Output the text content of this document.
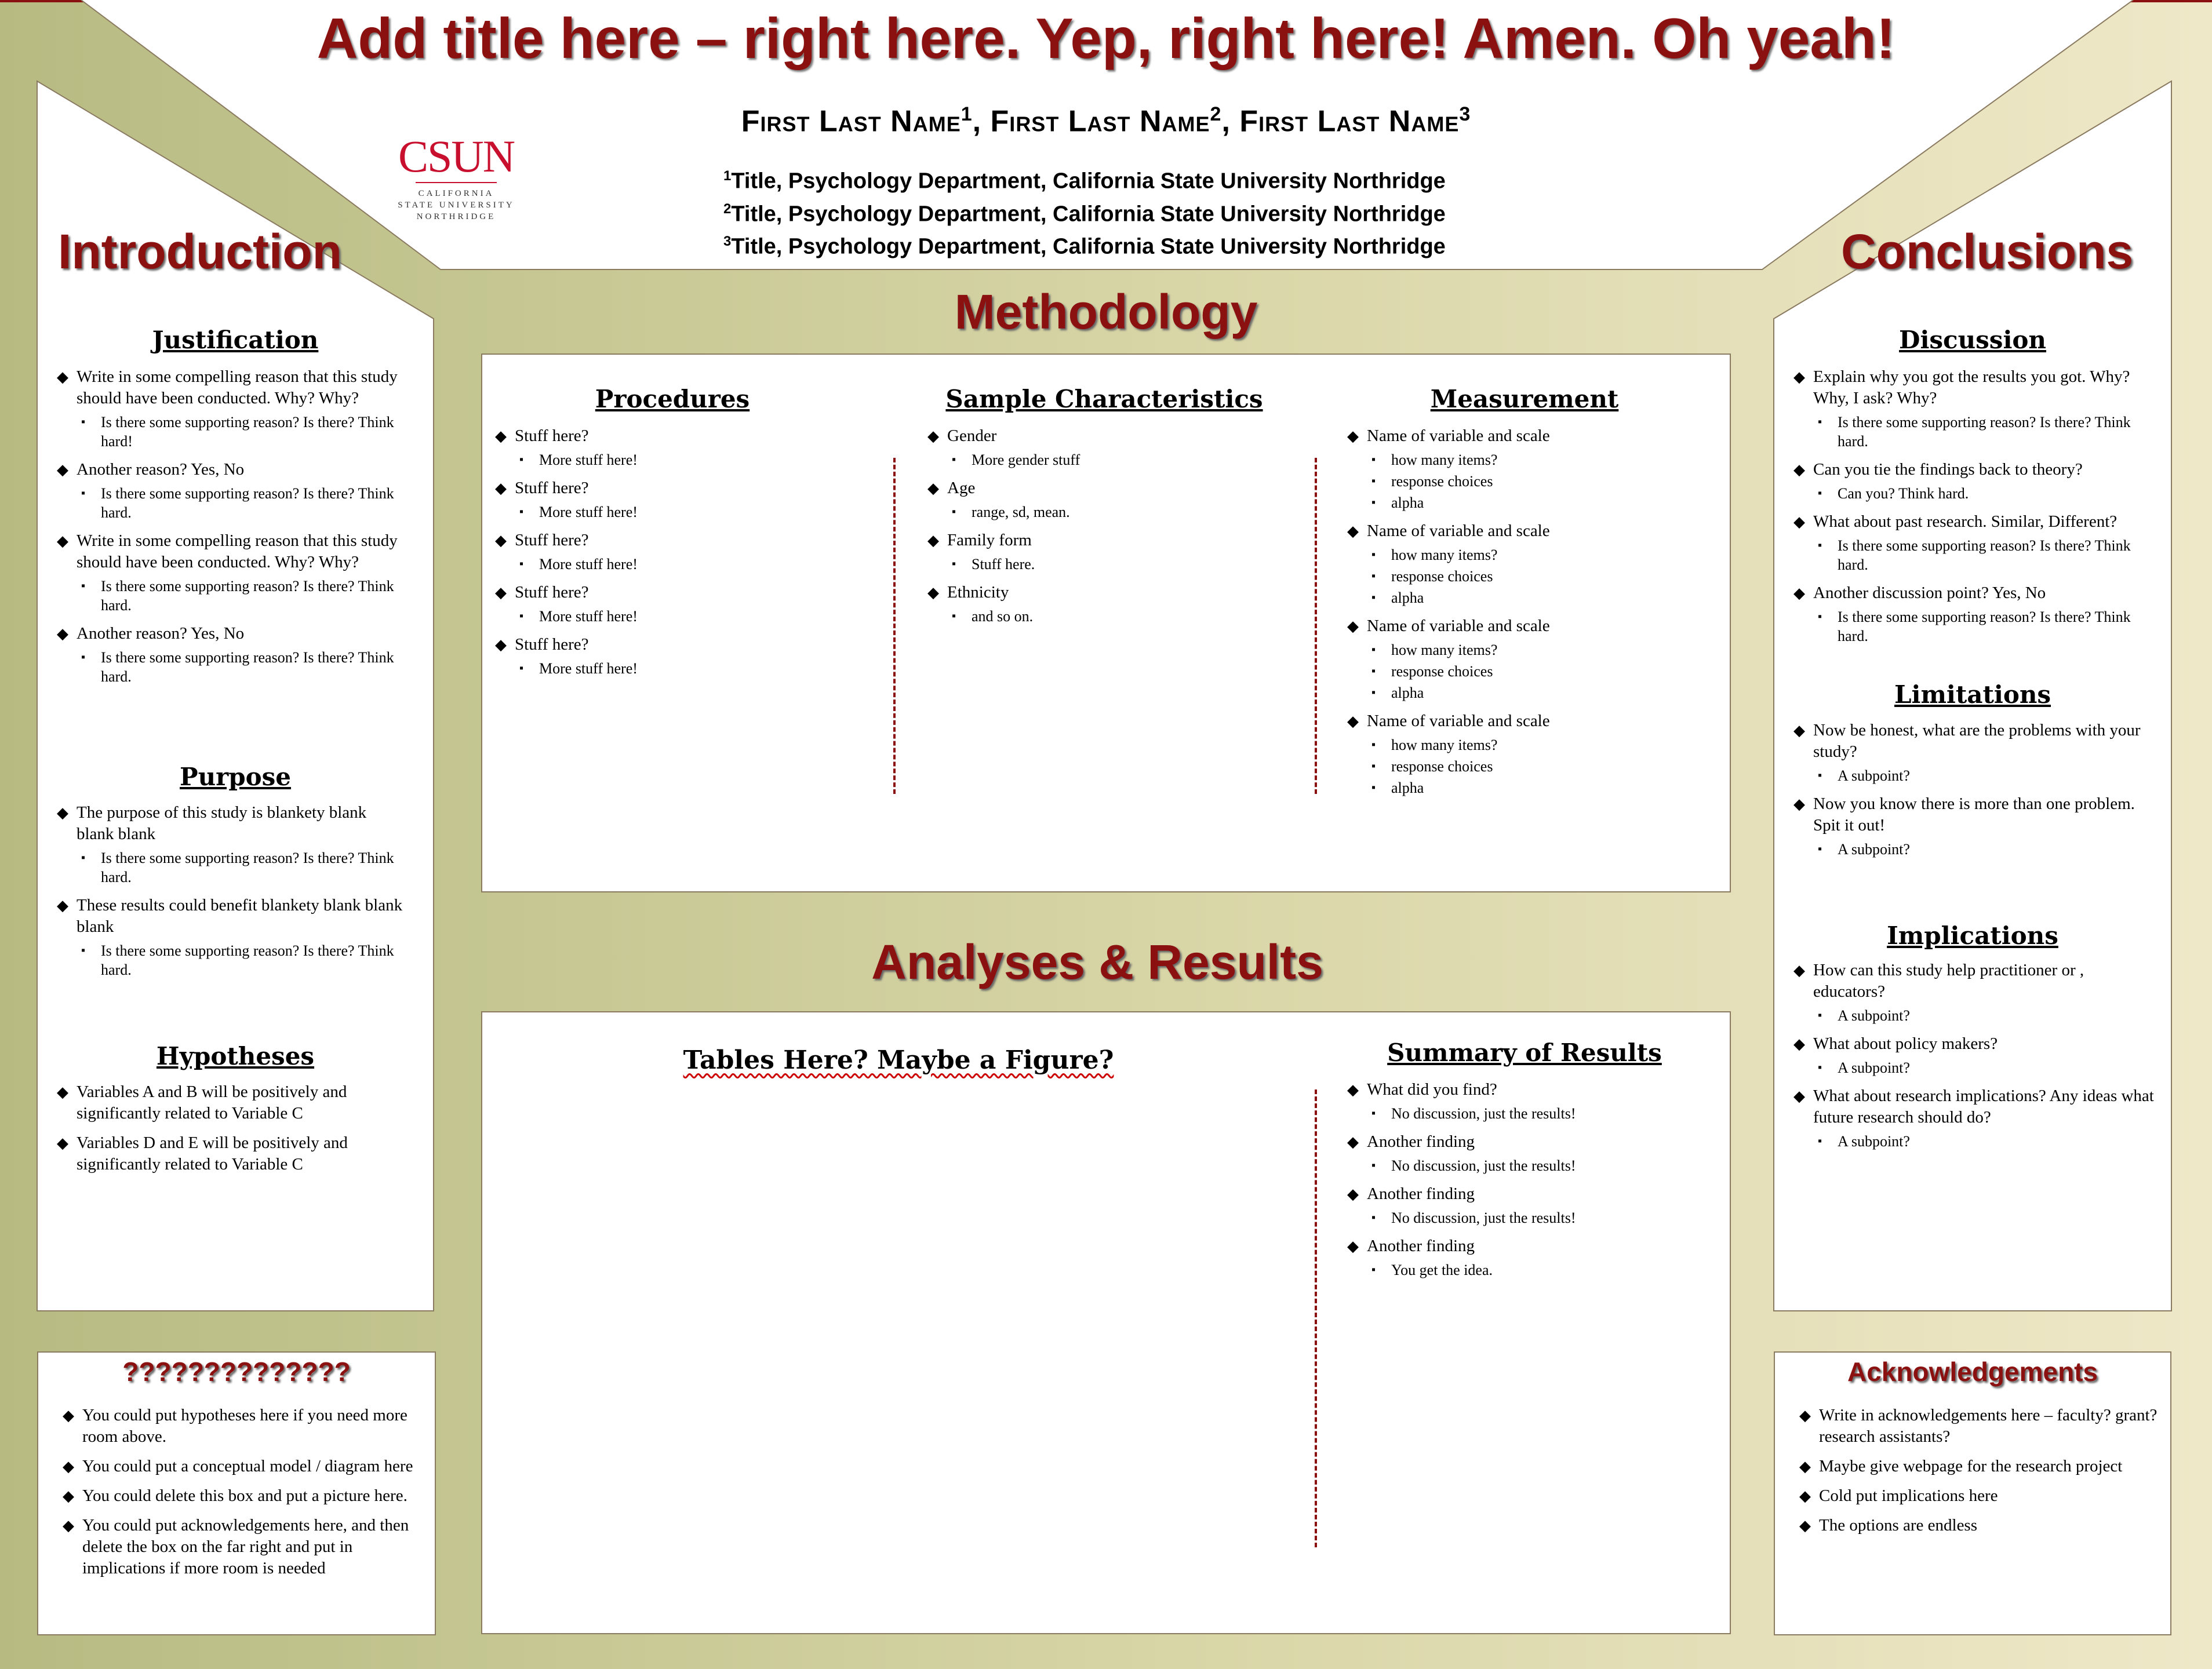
Add title here – right here. Yep, right here! Amen. Oh yeah!
First Last Name$^1$, First Last Name$^2$, First Last Name$^3$
$^1$Title, Psychology Department, California State University Northridge
$^2$Title, Psychology Department, California State University Northridge
$^3$Title, Psychology Department, California State University Northridge
CSUN
CALIFORNIA
STATE UNIVERSITY
NORTHRIDGE
Introduction	Conclusions
Methodology
Analyses & Results
Justification
◆ Write in some compelling reason that this study should have been conducted. Why? Why?
▪ Is there some supporting reason? Is there? Think hard!
◆ Another reason? Yes, No
▪ Is there some supporting reason? Is there? Think hard.
◆ Write in some compelling reason that this study should have been conducted. Why? Why?
▪ Is there some supporting reason? Is there? Think hard.
◆ Another reason? Yes, No
▪ Is there some supporting reason? Is there? Think hard.
Purpose
◆ The purpose of this study is blankety blank blank blank
▪ Is there some supporting reason? Is there? Think hard.
◆ These results could benefit blankety blank blank blank
▪ Is there some supporting reason? Is there? Think hard.
Hypotheses
◆ Variables A and B will be positively and significantly related to Variable C
◆ Variables D and E will be positively and significantly related to Variable C
??????????????
◆ You could put hypotheses here if you need more room above.
◆ You could put a conceptual model / diagram here
◆ You could delete this box and put a picture here.
◆ You could put acknowledgements here, and then delete the box on the far right and put in implications if more room is needed
Procedures
◆ Stuff here?
▪ More stuff here!
◆ Stuff here?
▪ More stuff here!
◆ Stuff here?
▪ More stuff here!
◆ Stuff here?
▪ More stuff here!
◆ Stuff here?
▪ More stuff here!
Sample Characteristics
◆ Gender
▪ More gender stuff
◆ Age
▪ range, sd, mean.
◆ Family form
▪ Stuff here.
◆ Ethnicity
▪ and so on.
Measurement
◆ Name of variable and scale
▪ how many items?
▪ response choices
▪ alpha
◆ Name of variable and scale
▪ how many items?
▪ response choices
▪ alpha
◆ Name of variable and scale
▪ how many items?
▪ response choices
▪ alpha
◆ Name of variable and scale
▪ how many items?
▪ response choices
▪ alpha
Tables Here? Maybe a Figure?	Summary of Results
◆ What did you find?
▪ No discussion, just the results!
◆ Another finding
▪ No discussion, just the results!
◆ Another finding
▪ No discussion, just the results!
◆ Another finding
▪ You get the idea.
Discussion
◆ Explain why you got the results you got. Why? Why, I ask? Why?
▪ Is there some supporting reason? Is there? Think hard.
◆ Can you tie the findings back to theory?
▪ Can you? Think hard.
◆ What about past research. Similar, Different?
▪ Is there some supporting reason? Is there? Think hard.
◆ Another discussion point? Yes, No
▪ Is there some supporting reason? Is there? Think hard.
Limitations
◆ Now be honest, what are the problems with your study?
▪ A subpoint?
◆ Now you know there is more than one problem. Spit it out!
▪ A subpoint?
Implications
◆ How can this study help practitioner or , educators?
▪ A subpoint?
◆ What about policy makers?
▪ A subpoint?
◆ What about research implications? Any ideas what future research should do?
▪ A subpoint?
Acknowledgements
◆ Write in acknowledgements here – faculty? grant? research assistants?
◆ Maybe give webpage for the research project
◆ Cold put implications here
◆ The options are endless
